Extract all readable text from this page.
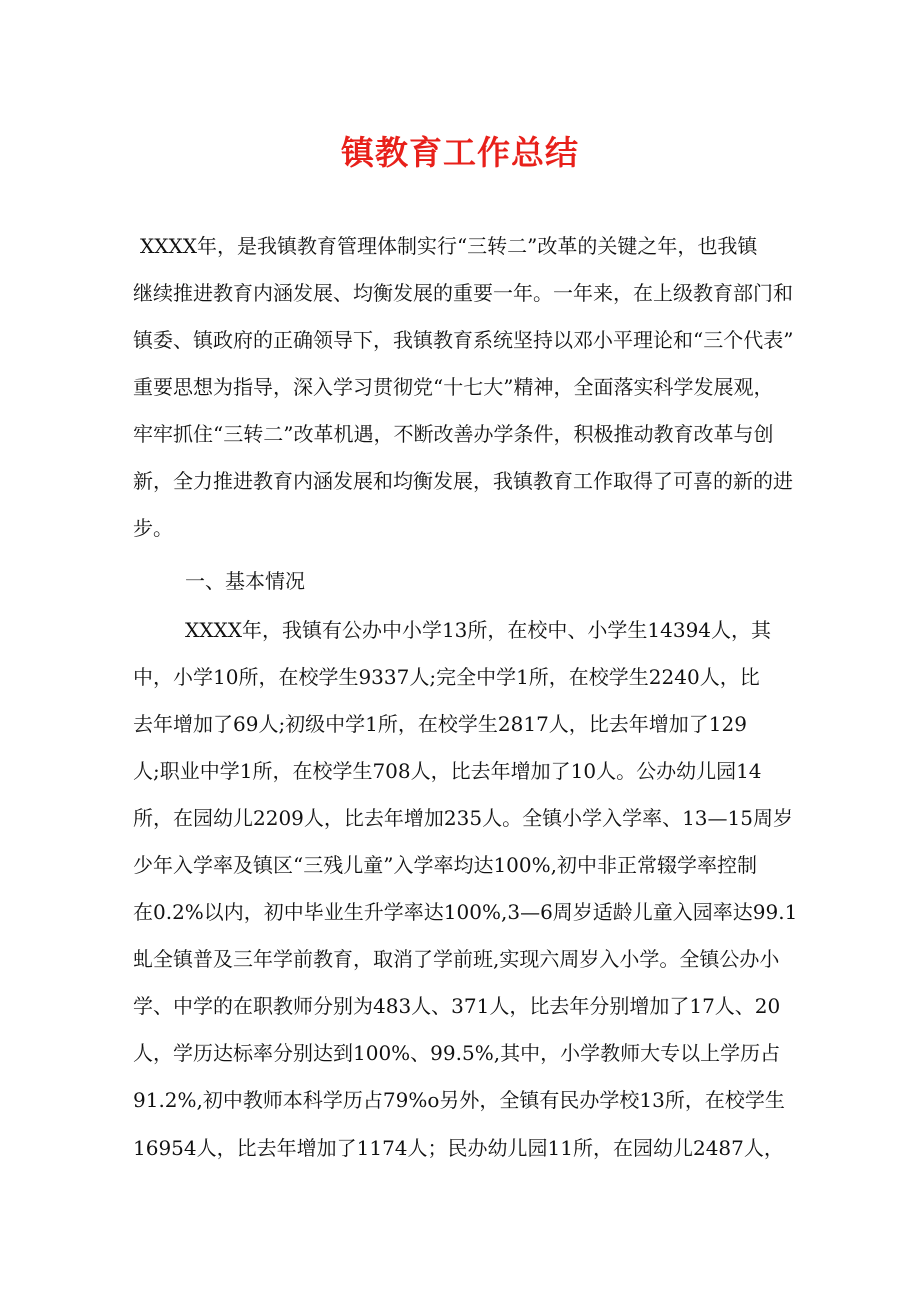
镇教育工作总结
XXXX年，是我镇教育管理体制实行“三转二”改革的关键之年，也我镇
继续推进教育内涵发展、均衡发展的重要一年。一年来，在上级教育部门和
镇委、镇政府的正确领导下，我镇教育系统坚持以邓小平理论和“三个代表”
重要思想为指导，深入学习贯彻党“十七大”精神，全面落实科学发展观，
牢牢抓住“三转二”改革机遇，不断改善办学条件，积极推动教育改革与创
新，全力推进教育内涵发展和均衡发展，我镇教育工作取得了可喜的新的进
步。
一、基本情况
XXXX年，我镇有公办中小学13所，在校中、小学生14394人，其
中，小学10所，在校学生9337人;完全中学1所，在校学生2240人，比
去年增加了69人;初级中学1所，在校学生2817人，比去年增加了129
人;职业中学1所，在校学生708人，比去年增加了10人。公办幼儿园14
所，在园幼儿2209人，比去年增加235人。全镇小学入学率、13—15周岁
少年入学率及镇区“三残儿童”入学率均达100%,初中非正常辍学率控制
在0.2%以内，初中毕业生升学率达100%,3—6周岁适龄儿童入园率达99.1
虬全镇普及三年学前教育，取消了学前班,实现六周岁入小学。全镇公办小
学、中学的在职教师分别为483人、371人，比去年分别增加了17人、20
人，学历达标率分别达到100%、99.5%,其中，小学教师大专以上学历占
91.2%,初中教师本科学历占79%o另外，全镇有民办学校13所，在校学生
16954人，比去年增加了1174人；民办幼儿园11所，在园幼儿2487人，
